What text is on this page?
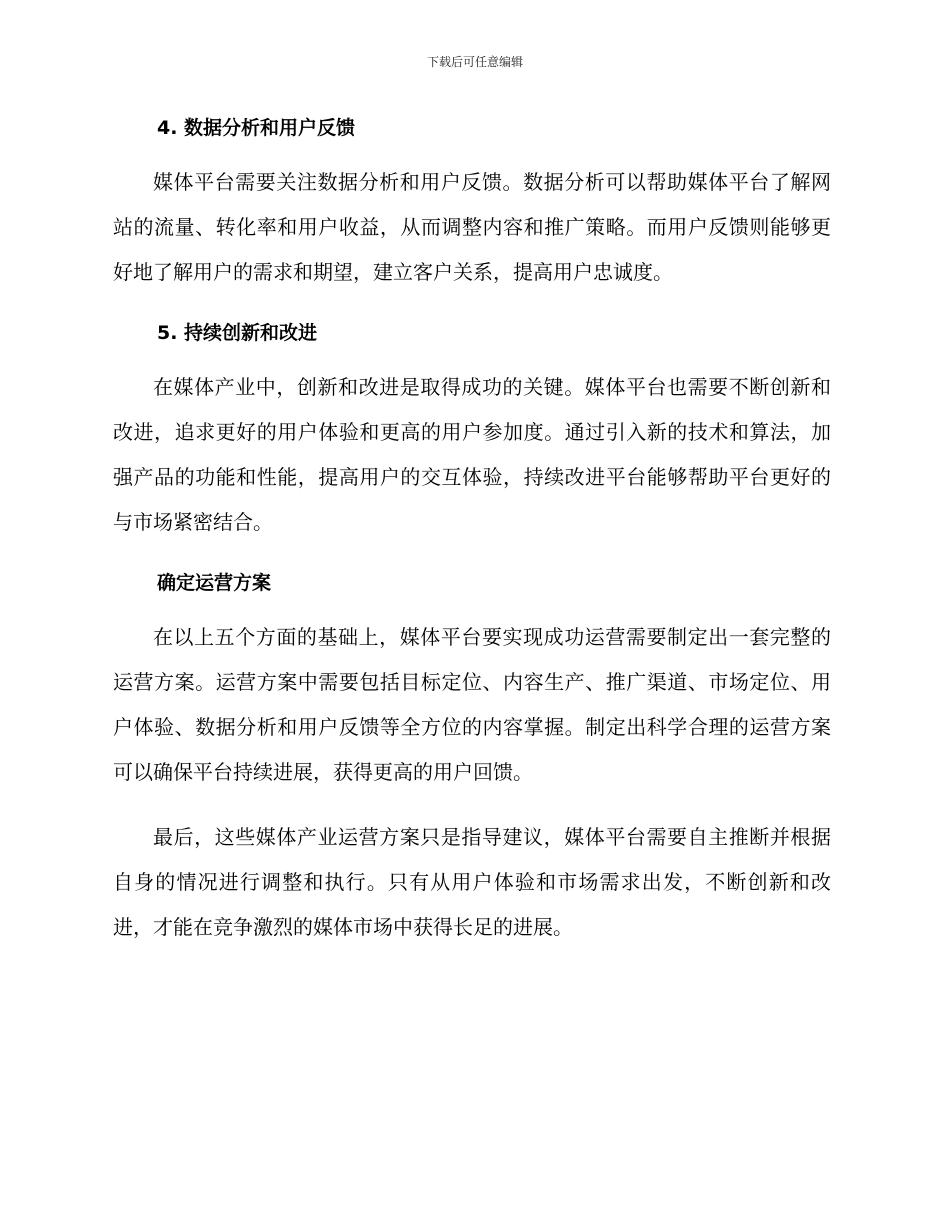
下载后可任意编辑
4. 数据分析和用户反馈

媒体平台需要关注数据分析和用户反馈。数据分析可以帮助媒体平台了解网站的流量、转化率和用户收益，从而调整内容和推广策略。而用户反馈则能够更好地了解用户的需求和期望，建立客户关系，提高用户忠诚度。

5. 持续创新和改进

在媒体产业中，创新和改进是取得成功的关键。媒体平台也需要不断创新和改进，追求更好的用户体验和更高的用户参加度。通过引入新的技术和算法，加强产品的功能和性能，提高用户的交互体验，持续改进平台能够帮助平台更好的与市场紧密结合。

确定运营方案

在以上五个方面的基础上，媒体平台要实现成功运营需要制定出一套完整的运营方案。运营方案中需要包括目标定位、内容生产、推广渠道、市场定位、用户体验、数据分析和用户反馈等全方位的内容掌握。制定出科学合理的运营方案可以确保平台持续进展，获得更高的用户回馈。

最后，这些媒体产业运营方案只是指导建议，媒体平台需要自主推断并根据自身的情况进行调整和执行。只有从用户体验和市场需求出发，不断创新和改进，才能在竞争激烈的媒体市场中获得长足的进展。
